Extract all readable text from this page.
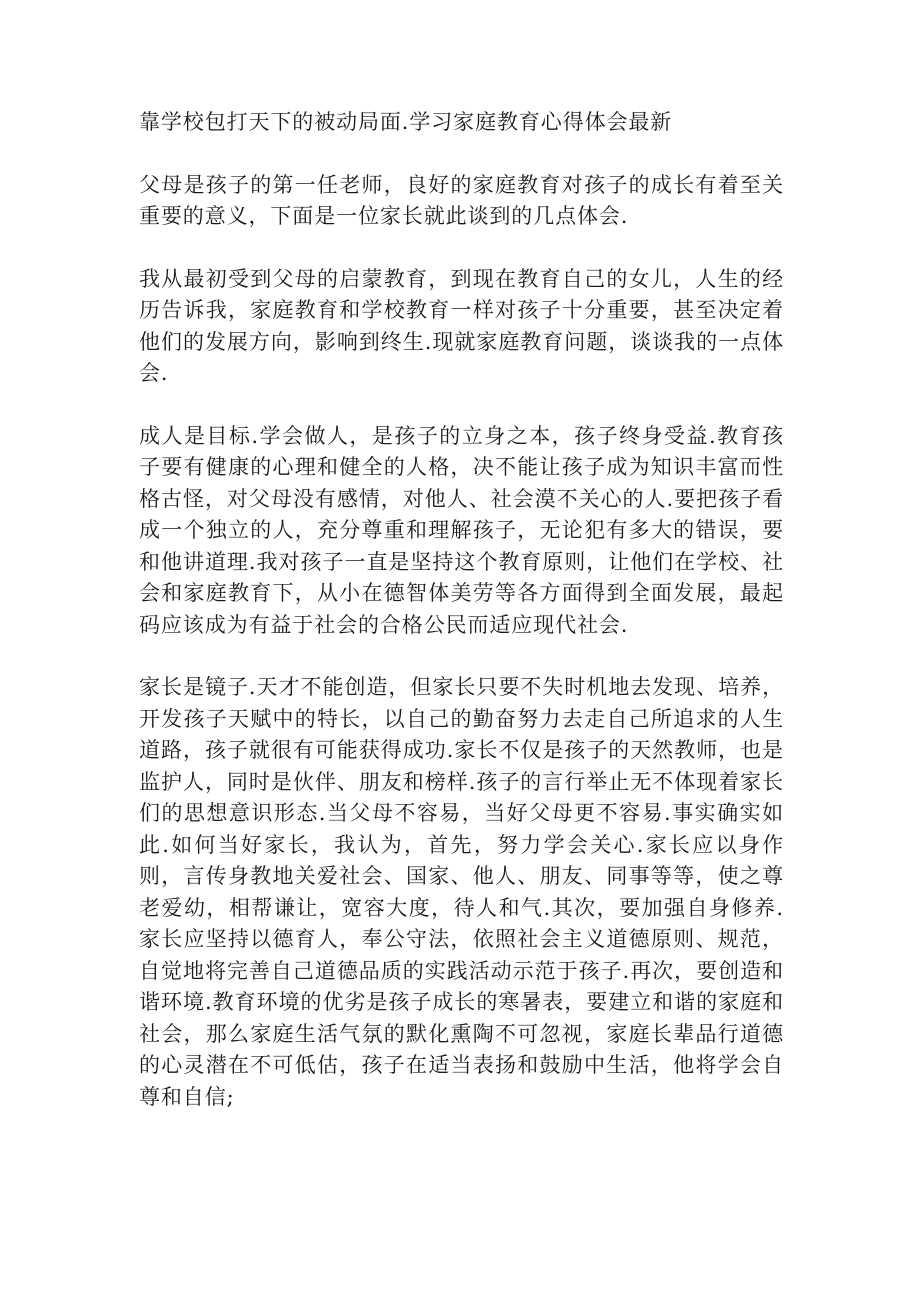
靠学校包打天下的被动局面.学习家庭教育心得体会最新

父母是孩子的第一任老师，良好的家庭教育对孩子的成长有着至关重要的意义，下面是一位家长就此谈到的几点体会.

我从最初受到父母的启蒙教育，到现在教育自己的女儿，人生的经历告诉我，家庭教育和学校教育一样对孩子十分重要，甚至决定着他们的发展方向，影响到终生.现就家庭教育问题，谈谈我的一点体会.

成人是目标.学会做人，是孩子的立身之本，孩子终身受益.教育孩子要有健康的心理和健全的人格，决不能让孩子成为知识丰富而性格古怪，对父母没有感情，对他人、社会漠不关心的人.要把孩子看成一个独立的人，充分尊重和理解孩子，无论犯有多大的错误，要和他讲道理.我对孩子一直是坚持这个教育原则，让他们在学校、社会和家庭教育下，从小在德智体美劳等各方面得到全面发展，最起码应该成为有益于社会的合格公民而适应现代社会.

家长是镜子.天才不能创造，但家长只要不失时机地去发现、培养，开发孩子天赋中的特长，以自己的勤奋努力去走自己所追求的人生道路，孩子就很有可能获得成功.家长不仅是孩子的天然教师，也是监护人，同时是伙伴、朋友和榜样.孩子的言行举止无不体现着家长们的思想意识形态.当父母不容易，当好父母更不容易.事实确实如此.如何当好家长，我认为，首先，努力学会关心.家长应以身作则，言传身教地关爱社会、国家、他人、朋友、同事等等，使之尊老爱幼，相帮谦让，宽容大度，待人和气.其次，要加强自身修养.家长应坚持以德育人，奉公守法，依照社会主义道德原则、规范，自觉地将完善自己道德品质的实践活动示范于孩子.再次，要创造和谐环境.教育环境的优劣是孩子成长的寒暑表，要建立和谐的家庭和社会，那么家庭生活气氛的默化熏陶不可忽视，家庭长辈品行道德的心灵潜在不可低估，孩子在适当表扬和鼓励中生活，他将学会自尊和自信;
